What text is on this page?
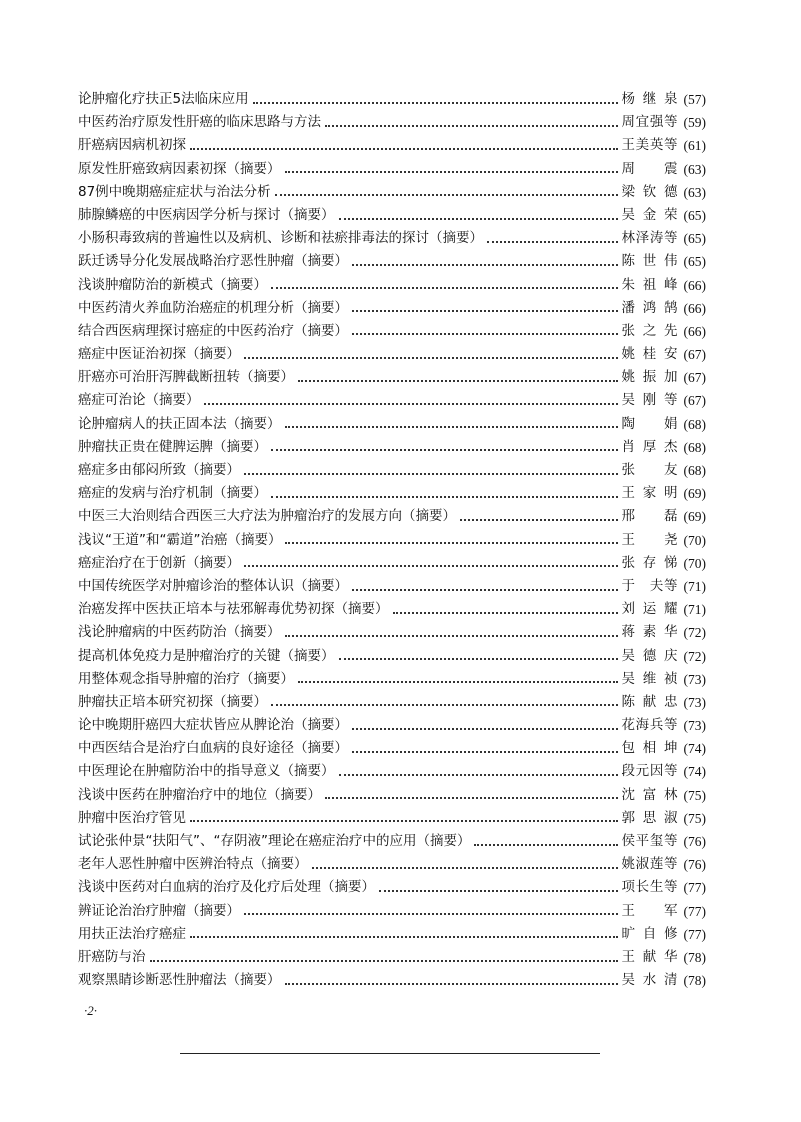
论肿瘤化疗扶正5法临床应用	杨继泉 (57)
中医药治疗原发性肝癌的临床思路与方法	周宜强等 (59)
肝癌病因病机初探	王美英等 (61)
原发性肝癌致病因素初探（摘要）	周　震 (63)
87例中晚期癌症症状与治法分析	梁钦德 (63)
肺腺鳞癌的中医病因学分析与探讨（摘要）	吴金荣 (65)
小肠积毒致病的普遍性以及病机、诊断和祛瘀排毒法的探讨（摘要）	林泽涛等 (65)
跃迁诱导分化发展战略治疗恶性肿瘤（摘要）	陈世伟 (65)
浅谈肿瘤防治的新模式（摘要）	朱祖峰 (66)
中医药清火养血防治癌症的机理分析（摘要）	潘鸿鹄 (66)
结合西医病理探讨癌症的中医药治疗（摘要）	张之先 (66)
癌症中医证治初探（摘要）	姚桂安 (67)
肝癌亦可治肝泻脾截断扭转（摘要）	姚振加 (67)
癌症可治论（摘要）	吴刚等 (67)
论肿瘤病人的扶正固本法（摘要）	陶　娟 (68)
肿瘤扶正贵在健脾运脾（摘要）	肖厚杰 (68)
癌症多由郁闷所致（摘要）	张　友 (68)
癌症的发病与治疗机制（摘要）	王家明 (69)
中医三大治则结合西医三大疗法为肿瘤治疗的发展方向（摘要）	邢　磊 (69)
浅议“王道”和“霸道”治癌（摘要）	王　尧 (70)
癌症治疗在于创新（摘要）	张存悌 (70)
中国传统医学对肿瘤诊治的整体认识（摘要）	于　夫等 (71)
治癌发挥中医扶正培本与祛邪解毒优势初探（摘要）	刘运耀 (71)
浅论肿瘤病的中医药防治（摘要）	蒋素华 (72)
提高机体免疫力是肿瘤治疗的关键（摘要）	吴德庆 (72)
用整体观念指导肿瘤的治疗（摘要）	吴维祯 (73)
肿瘤扶正培本研究初探（摘要）	陈献忠 (73)
论中晚期肝癌四大症状皆应从脾论治（摘要）	花海兵等 (73)
中西医结合是治疗白血病的良好途径（摘要）	包相坤 (74)
中医理论在肿瘤防治中的指导意义（摘要）	段元因等 (74)
浅谈中医药在肿瘤治疗中的地位（摘要）	沈富林 (75)
肿瘤中医治疗管见	郭思淑 (75)
试论张仲景“扶阳气”、“存阴液”理论在癌症治疗中的应用（摘要）	侯平玺等 (76)
老年人恶性肿瘤中医辨治特点（摘要）	姚淑莲等 (76)
浅谈中医药对白血病的治疗及化疗后处理（摘要）	项长生等 (77)
辨证论治治疗肿瘤（摘要）	王　军 (77)
用扶正法治疗癌症	旷自修 (77)
肝癌防与治	王献华 (78)
观察黑睛诊断恶性肿瘤法（摘要）	吴水清 (78)
·2·
